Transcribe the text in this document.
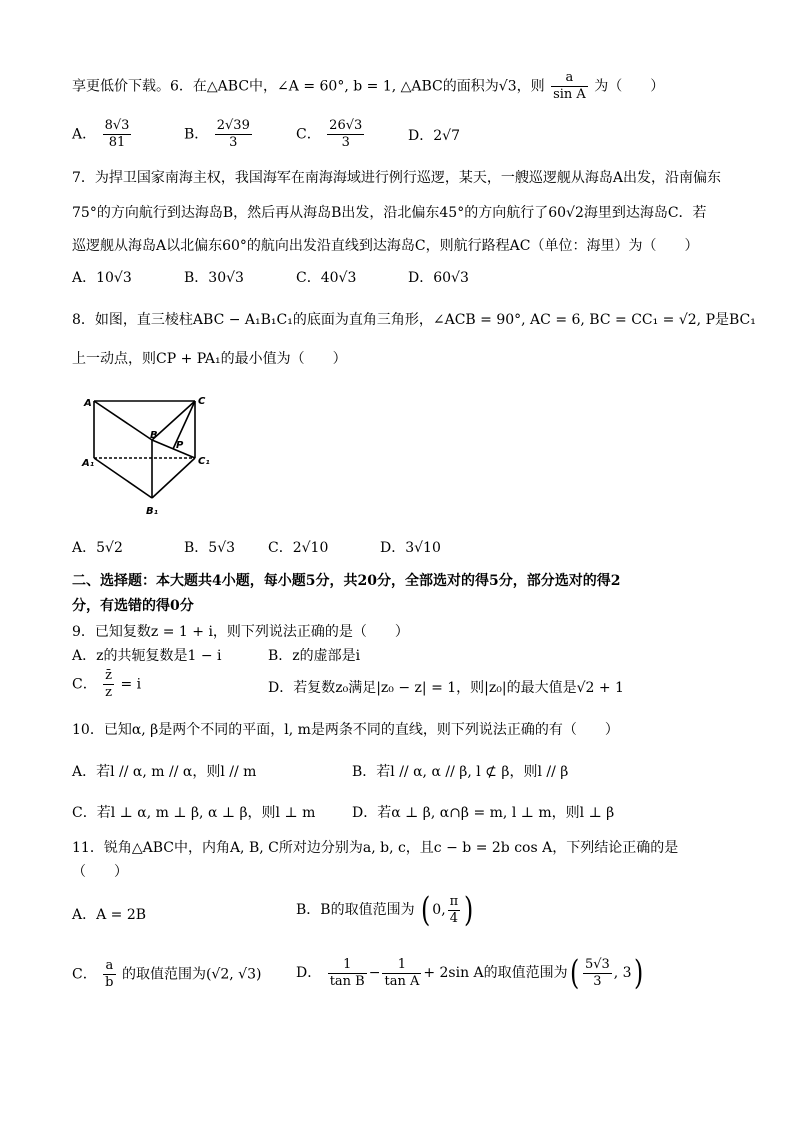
享更低价下载。6．在△ABC中，∠A = 60°, b = 1, △ABC的面积为√3，则 $\frac{a}{\text{sin A}}$ 为（　　）
A． $\frac{8√3}{81}$	B． $\frac{2√39}{3}$	C． $\frac{26√3}{3}$	D．2√7
7．为捍卫国家南海主权，我国海军在南海海域进行例行巡逻，某天，一艘巡逻舰从海岛A出发，沿南偏东
75°的方向航行到达海岛B，然后再从海岛B出发，沿北偏东45°的方向航行了60√2海里到达海岛C．若
巡逻舰从海岛A以北偏东60°的航向出发沿直线到达海岛C，则航行路程AC（单位：海里）为（　　）
A．10√3	B．30√3	C．40√3	D．60√3
8．如图，直三棱柱ABC − A₁B₁C₁的底面为直角三角形，∠ACB = 90°, AC = 6, BC = CC₁ = √2, P是BC₁
上一动点，则CP + PA₁的最小值为（　　）
A	C
B
P
A₁	C₁
B₁
A．5√2	B．5√3 C．2√10	D．3√10
二、选择题：本大题共4小题，每小题5分，共20分，全部选对的得5分，部分选对的得2
分，有选错的得0分
9．已知复数z = 1 + i，则下列说法正确的是（　　）
A．z的共轭复数是1 − i	B．z的虚部是i
C． $\frac{z̄}{z} = i$	D．若复数z₀满足|z₀ − z| = 1，则|z₀|的最大值是√2 + 1
10．已知α, β是两个不同的平面，l, m是两条不同的直线，则下列说法正确的有（　　）
A．若l // α, m // α，则l // m	B．若l // α, α // β, l ⊄ β，则l // β
C．若l ⊥ α, m ⊥ β, α ⊥ β，则l ⊥ m	D．若α ⊥ β, α∩β = m, l ⊥ m，则l ⊥ β
11．锐角△ABC中，内角A, B, C所对边分别为a, b, c，且c − b = 2b cos A，下列结论正确的是
（　　）
A．A = 2B	B．B的取值范围为 ( 0, $\frac{\pi}{4}$ )
C． $\frac{a}{b}$ 的取值范围为(√2, √3) D． $\frac{1}{\text{tan B}} - \frac{1}{\text{tan A}} + 2\sin$ A的取值范围为( $\frac{5√3}{3}$ , 3)
